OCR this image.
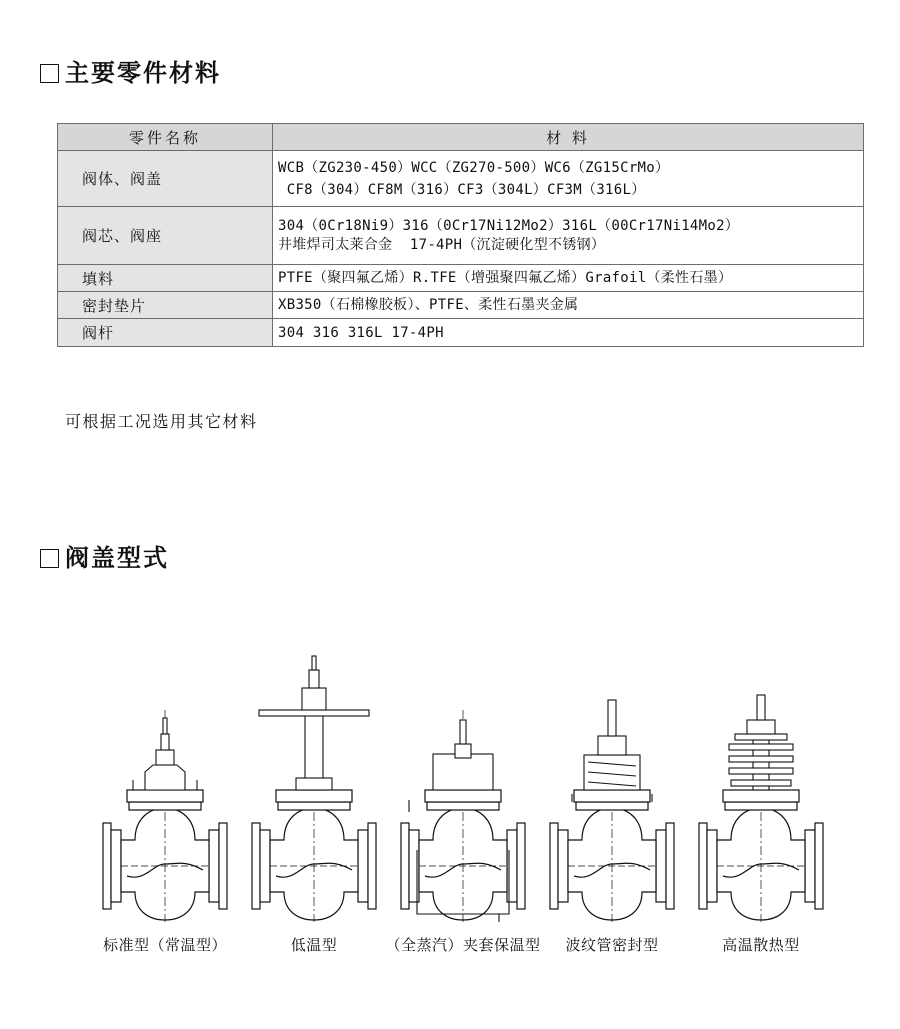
主要零件材料
零件名称	材 料
阀体、阀盖	WCB（ZG230-450）WCC（ZG270-500）WC6（ZG15CrMo）
CF8（304）CF8M（316）CF3（304L）CF3M（316L）

阀芯、阀座	304（0Cr18Ni9）316（0Cr17Ni12Mo2）316L（00Cr17Ni14Mo2）
井堆焊司太莱合金  17-4PH（沉淀硬化型不锈钢）

填料	PTFE（聚四氟乙烯）R.TFE（增强聚四氟乙烯）Grafoil（柔性石墨）

密封垫片	XB350（石棉橡胶板）、PTFE、柔性石墨夹金属

阀杆	304 316 316L 17-4PH
可根据工况选用其它材料
阀盖型式
标准型（常温型）	低温型	（全蒸汽）夹套保温型	波纹管密封型	高温散热型
